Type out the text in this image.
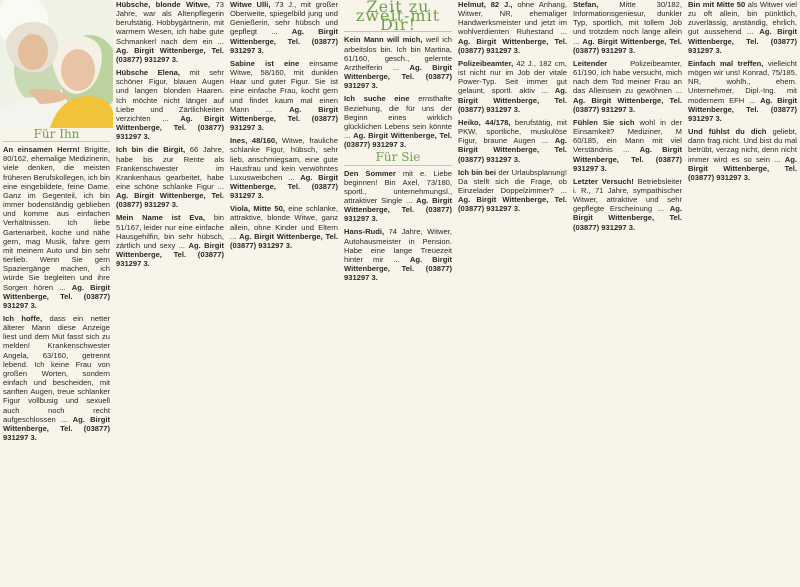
Für Ihn

An einsamen Herrn! Brigitte, 80/162, ehemalige Medizinerin, viele denken, die meisten früheren Berufskollegen, ich bin eine eingebildete, feine Dame. Ganz im Gegenteil, ich bin immer bodenständig geblieben und komme aus einfachen Verhältnissen. Ich liebe Gartenarbeit, koche und nähe gern, mag Musik, fahre gern mit meinem Auto und bin sehr tierlieb. Wenn Sie gern Spaziergänge machen, ich würde Sie begleiten und ihre Sorgen hören ... Ag. Birgit Wittenberge, Tel. (03877) 931297 3.

Ich hoffe, dass ein netter älterer Mann diese Anzeige liest und dem Mut fasst sich zu melden! Krankenschwester Angela, 63/160, getrennt lebend. Ich keine Frau von großen Worten, sondern einfach und bescheiden, mit sanften Augen, treue schlanker Figur vollbusig und sexuell auch noch recht aufgeschlossen ... Ag. Birgit Wittenberge, Tel. (03877) 931297 3.

Hübsche, blonde Witwe, 73 Jahre, war als Altenpflegerin berufstätig. Hobbygärtnerin, mit warmem Wesen, ich habe gute Schmankerl nach dem ein ... Ag. Birgit Wittenberge, Tel. (03877) 931297 3.

Hübsche Elena, mit sehr schöner Figur, blauen Augen und langen blonden Haaren. Ich möchte nicht länger auf Liebe und Zärtlichkeiten verzichten ... Ag. Birgit Wittenberge, Tel. (03877) 931297 3.

Ich bin die Birgit, 66 Jahre, habe bis zur Rente als Frankenschwester im Krankenhaus gearbeitet, habe eine schöne schlanke Figur ... Ag. Birgit Wittenberge, Tel. (03877) 931297 3.

Mein Name ist Eva, bin 51/167, leider nur eine einfache Hausgehilfin, bin sehr hübsch, zärtlich und sexy ... Ag. Birgit Wittenberge, Tel. (03877) 931297 3.

Witwe Ulli, 73 J., mit großer Oberweite, spiegelbild jung und Genießerin, sehr hübsch und gepflegt ... Ag. Birgit Wittenberge, Tel. (03877) 931297 3.

Sabine ist eine einsame Witwe, 58/160, mit dunklen Haar und guter Figur. Sie ist eine einfache Frau, kocht gern und findet kaum mal einen Mann ... Ag. Birgit Wittenberge, Tel. (03877) 931297 3.

Ines, 48/160, Witwe, frauliche schlanke Figur, hübsch, sehr lieb, anschmiegsam, eine gute Hausfrau und kein verwöhntes Luxusweibchen ... Ag. Birgit Wittenberge, Tel. (03877) 931297 3.

Viola, Mitte 50, eine schlanke, attraktive, blonde Witwe, ganz allein, ohne Kinder und Eltern ... Ag. Birgit Wittenberge, Tel. (03877) 931297 3.

Zeit zu zweit-mit Dir!

Kein Mann will mich, weil ich arbeitslos bin. Ich bin Martina, 61/160, gesch., gelernte Arzthelferin ... Ag. Birgit Wittenberge, Tel. (03877) 931297 3.

Ich suche eine ernsthafte Beziehung, die für uns der Beginn eines wirklich glücklichen Lebens sein könnte ... Ag. Birgit Wittenberge, Tel. (03877) 931297 3.

Für Sie

Den Sommer mit e. Liebe beginnen! Bin Axel, 73/180, sportl., unternehmungsl., attraktiver Single ... Ag. Birgit Wittenberge, Tel. (03877) 931297 3.

Hans-Rudi, 74 Jahre, Witwer, Autohausmeister in Pension. Habe eine lange Treuezeit hinter mir ... Ag. Birgit Wittenberge, Tel. (03877) 931297 3.

Helmut, 82 J., ohne Anhang, Witwer, NR, ehemaliger Handwerksmeister und jetzt im wohlverdienten Ruhestand ... Ag. Birgit Wittenberge, Tel. (03877) 931297 3.

Polizeibeamter, 42 J., 182 cm, ist nicht nur im Job der vitale Power-Typ. Seit immer gut gelaunt, sportl. aktiv ... Ag. Birgit Wittenberge, Tel. (03877) 931297 3.

Heiko, 44/178, berufstätig, mit PKW, sportliche, muskulöse Figur, braune Augen ... Ag. Birgit Wittenberge, Tel. (03877) 931297 3.

Ich bin bei der Urlaubsplanung! Da stellt sich die Frage, ob Einzelader Doppelzimmer? ... Ag. Birgit Wittenberge, Tel. (03877) 931297 3.

Stefan,	Mitte 30/182, Informationsgeniesur, dunkler Typ, sportlich, mit tollem Job und trotzdem noch lange allein ... Ag. Birgit Wittenberge, Tel. (03877) 931297 3.

Leitender	Polizeibeamter, 61/190, ich habe versucht, mich nach dem Tod meiner Frau an das Alleinsein zu gewöhnen ... Ag. Birgit Wittenberge, Tel. (03877) 931297 3.

Fühlen Sie sich wohl in der Einsamkeit? Mediziner, M 60/185, ein Mann mit viel Verständnis ... Ag. Birgit Wittenberge, Tel. (03877) 931297 3.

Letzter Versuch! Betriebsleiter i. R., 71 Jahre, sympathischer Witwer, attraktive und sehr gepflegte Erscheinung ... Ag. Birgit Wittenberge, Tel. (03877) 931297 3.

Bin mit Mitte 50 als Witwer viel zu oft allein, bin pünktlich, zuverlässig, anständig, ehrlich, gut aussehend ... Ag. Birgit Wittenberge, Tel. (03877) 931297 3.

Einfach mal treffen, vielleicht mögen wir uns! Konrad, 75/185, NR, wohlh., ehem. Unternehmer, Dipl.-Ing. mit modernem EFH ... Ag. Birgit Wittenberge, Tel. (03877) 931297 3.

Und fühlst du dich geliebt, dann frag nicht. Und bist du mal betrübt, verzag nicht, denn nicht immer wird es so sein ... Ag. Birgit Wittenberge, Tel. (03877) 931297 3.
